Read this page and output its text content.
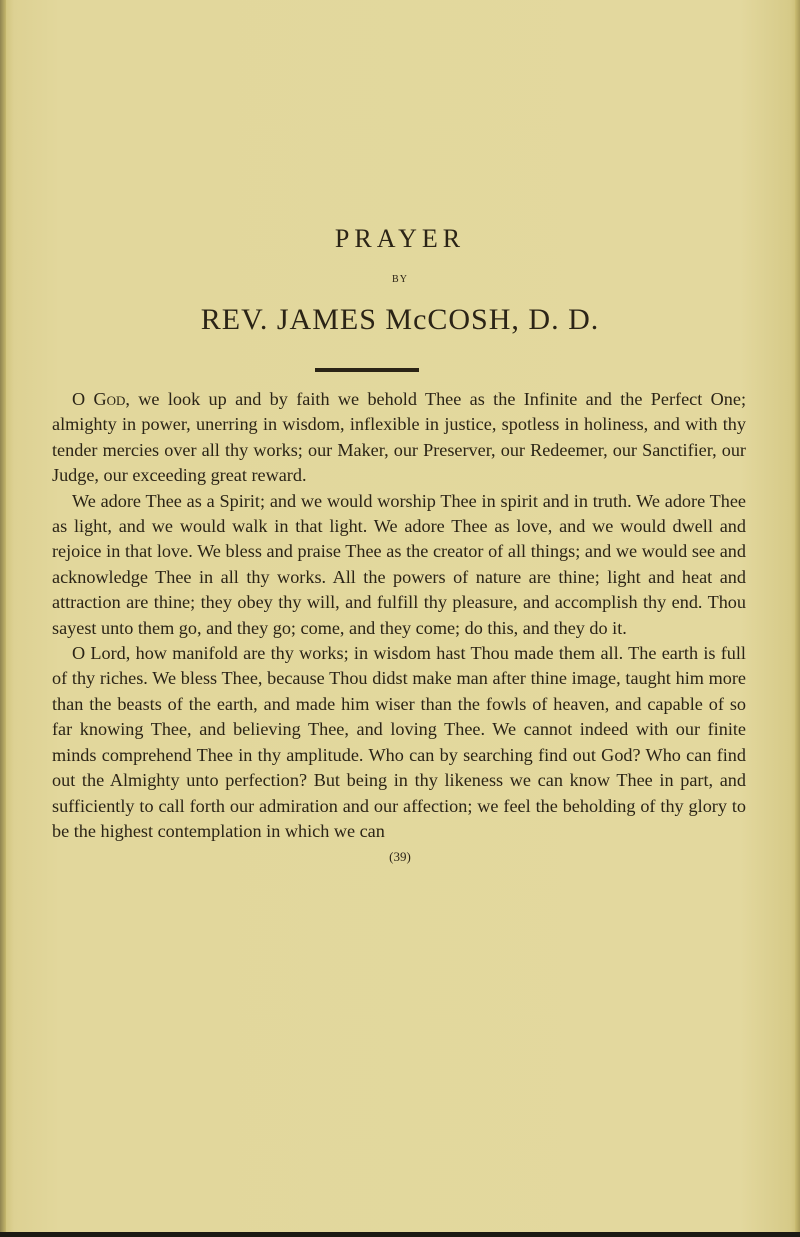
PRAYER
BY
REV. JAMES McCOSH, D. D.

O God, we look up and by faith we behold Thee as the Infinite and the Perfect One; almighty in power, unerring in wisdom, inflexible in justice, spotless in holiness, and with thy tender mercies over all thy works; our Maker, our Preserver, our Redeemer, our Sanctifier, our Judge, our exceeding great reward.

We adore Thee as a Spirit; and we would worship Thee in spirit and in truth. We adore Thee as light, and we would walk in that light. We adore Thee as love, and we would dwell and rejoice in that love. We bless and praise Thee as the creator of all things; and we would see and acknowledge Thee in all thy works. All the powers of nature are thine; light and heat and attraction are thine; they obey thy will, and fulfill thy pleasure, and accomplish thy end. Thou sayest unto them go, and they go; come, and they come; do this, and they do it.

O Lord, how manifold are thy works; in wisdom hast Thou made them all. The earth is full of thy riches. We bless Thee, because Thou didst make man after thine image, taught him more than the beasts of the earth, and made him wiser than the fowls of heaven, and capable of so far knowing Thee, and believing Thee, and loving Thee. We cannot indeed with our finite minds comprehend Thee in thy amplitude. Who can by searching find out God? Who can find out the Almighty unto perfection? But being in thy likeness we can know Thee in part, and sufficiently to call forth our admiration and our affection; we feel the beholding of thy glory to be the highest contemplation in which we can

(39)
